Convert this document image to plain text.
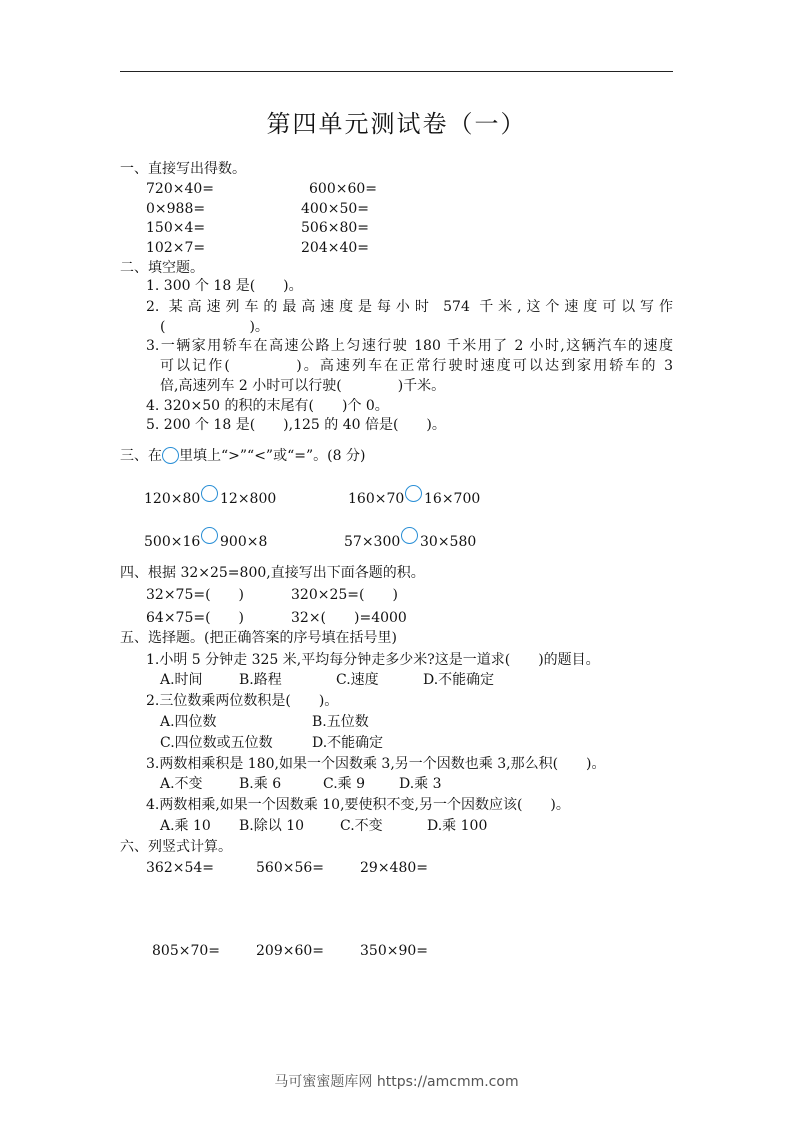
第四单元测试卷（一）
一、直接写出得数。
720×40=	600×60=
0×988=	400×50=
150×4=	506×80=
102×7=	204×40=
二、填空题。
1. 300 个 18 是(　　)。
2. 某高速列车的最高速度是每小时 574 千米,这个速度可以写作
(　　　　　　)。
3.一辆家用轿车在高速公路上匀速行驶 180 千米用了 2 小时,这辆汽车的速度
可以记作(　　　　)。高速列车在正常行驶时速度可以达到家用轿车的 3
倍,高速列车 2 小时可以行驶(　　　　)千米。
4. 320×50 的积的末尾有(　　)个 0。
5. 200 个 18 是(　　),125 的 40 倍是(　　)。
三、在 里填上“>”“<”或“=”。(8 分)
120×80 12×800	160×70 16×700
500×16 900×8	57×300 30×580
四、根据 32×25=800,直接写出下面各题的积。
32×75=(　　)	320×25=(　　)
64×75=(　　)	32×(　　)=4000
五、选择题。(把正确答案的序号填在括号里)
1.小明 5 分钟走 325 米,平均每分钟走多少米?这是一道求(　　)的题目。
A.时间	B.路程	C.速度	D.不能确定
2.三位数乘两位数积是(　　)。
A.四位数	B.五位数
C.四位数或五位数	D.不能确定
3.两数相乘积是 180,如果一个因数乘 3,另一个因数也乘 3,那么积(　　)。
A.不变	B.乘 6	C.乘 9 D.乘 3
4.两数相乘,如果一个因数乘 10,要使积不变,另一个因数应该(　　)。
A.乘 10 B.除以 10	C.不变	D.乘 100
六、列竖式计算。
362×54=	560×56=	29×480=
805×70=	209×60=	350×90=
马可蜜蜜题库网 https://amcmm.com
